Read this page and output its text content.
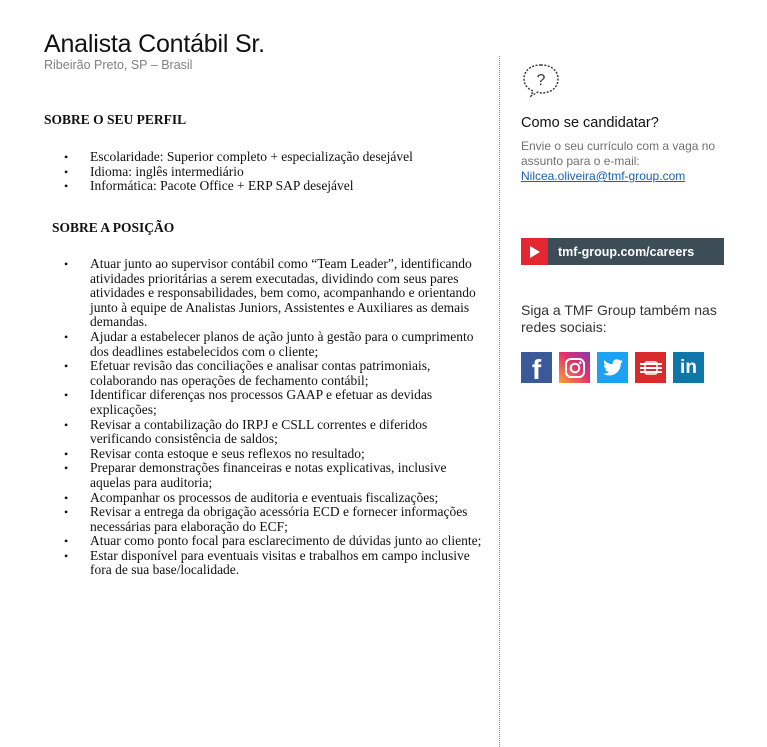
Analista Contábil Sr.
Ribeirão Preto, SP – Brasil
SOBRE O SEU PERFIL
• Escolaridade: Superior completo + especialização desejável
• Idioma: inglês intermediário
• Informática: Pacote Office + ERP SAP desejável
SOBRE A POSIÇÃO
• Atuar junto ao supervisor contábil como “Team Leader”, identificando atividades prioritárias a serem executadas, dividindo com seus pares atividades e responsabilidades, bem como, acompanhando e orientando junto à equipe de Analistas Juniors, Assistentes e Auxiliares as demais demandas.
• Ajudar a estabelecer planos de ação junto à gestão para o cumprimento dos deadlines estabelecidos com o cliente;
• Efetuar revisão das conciliações e analisar contas patrimoniais, colaborando nas operações de fechamento contábil;
• Identificar diferenças nos processos GAAP e efetuar as devidas explicações;
• Revisar a contabilização do IRPJ e CSLL correntes e diferidos verificando consistência de saldos;
• Revisar conta estoque e seus reflexos no resultado;
• Preparar demonstrações financeiras e notas explicativas, inclusive aquelas para auditoria;
• Acompanhar os processos de auditoria e eventuais fiscalizações;
• Revisar a entrega da obrigação acessória ECD e fornecer informações necessárias para elaboração do ECF;
• Atuar como ponto focal para esclarecimento de dúvidas junto ao cliente;
• Estar disponível para eventuais visitas e trabalhos em campo inclusive fora de sua base/localidade.
?
Como se candidatar?
Envie o seu currículo com a vaga no assunto para o e-mail:
Nilcea.oliveira@tmf-group.com
tmf-group.com/careers
Siga a TMF Group também nas redes sociais:
f	in
